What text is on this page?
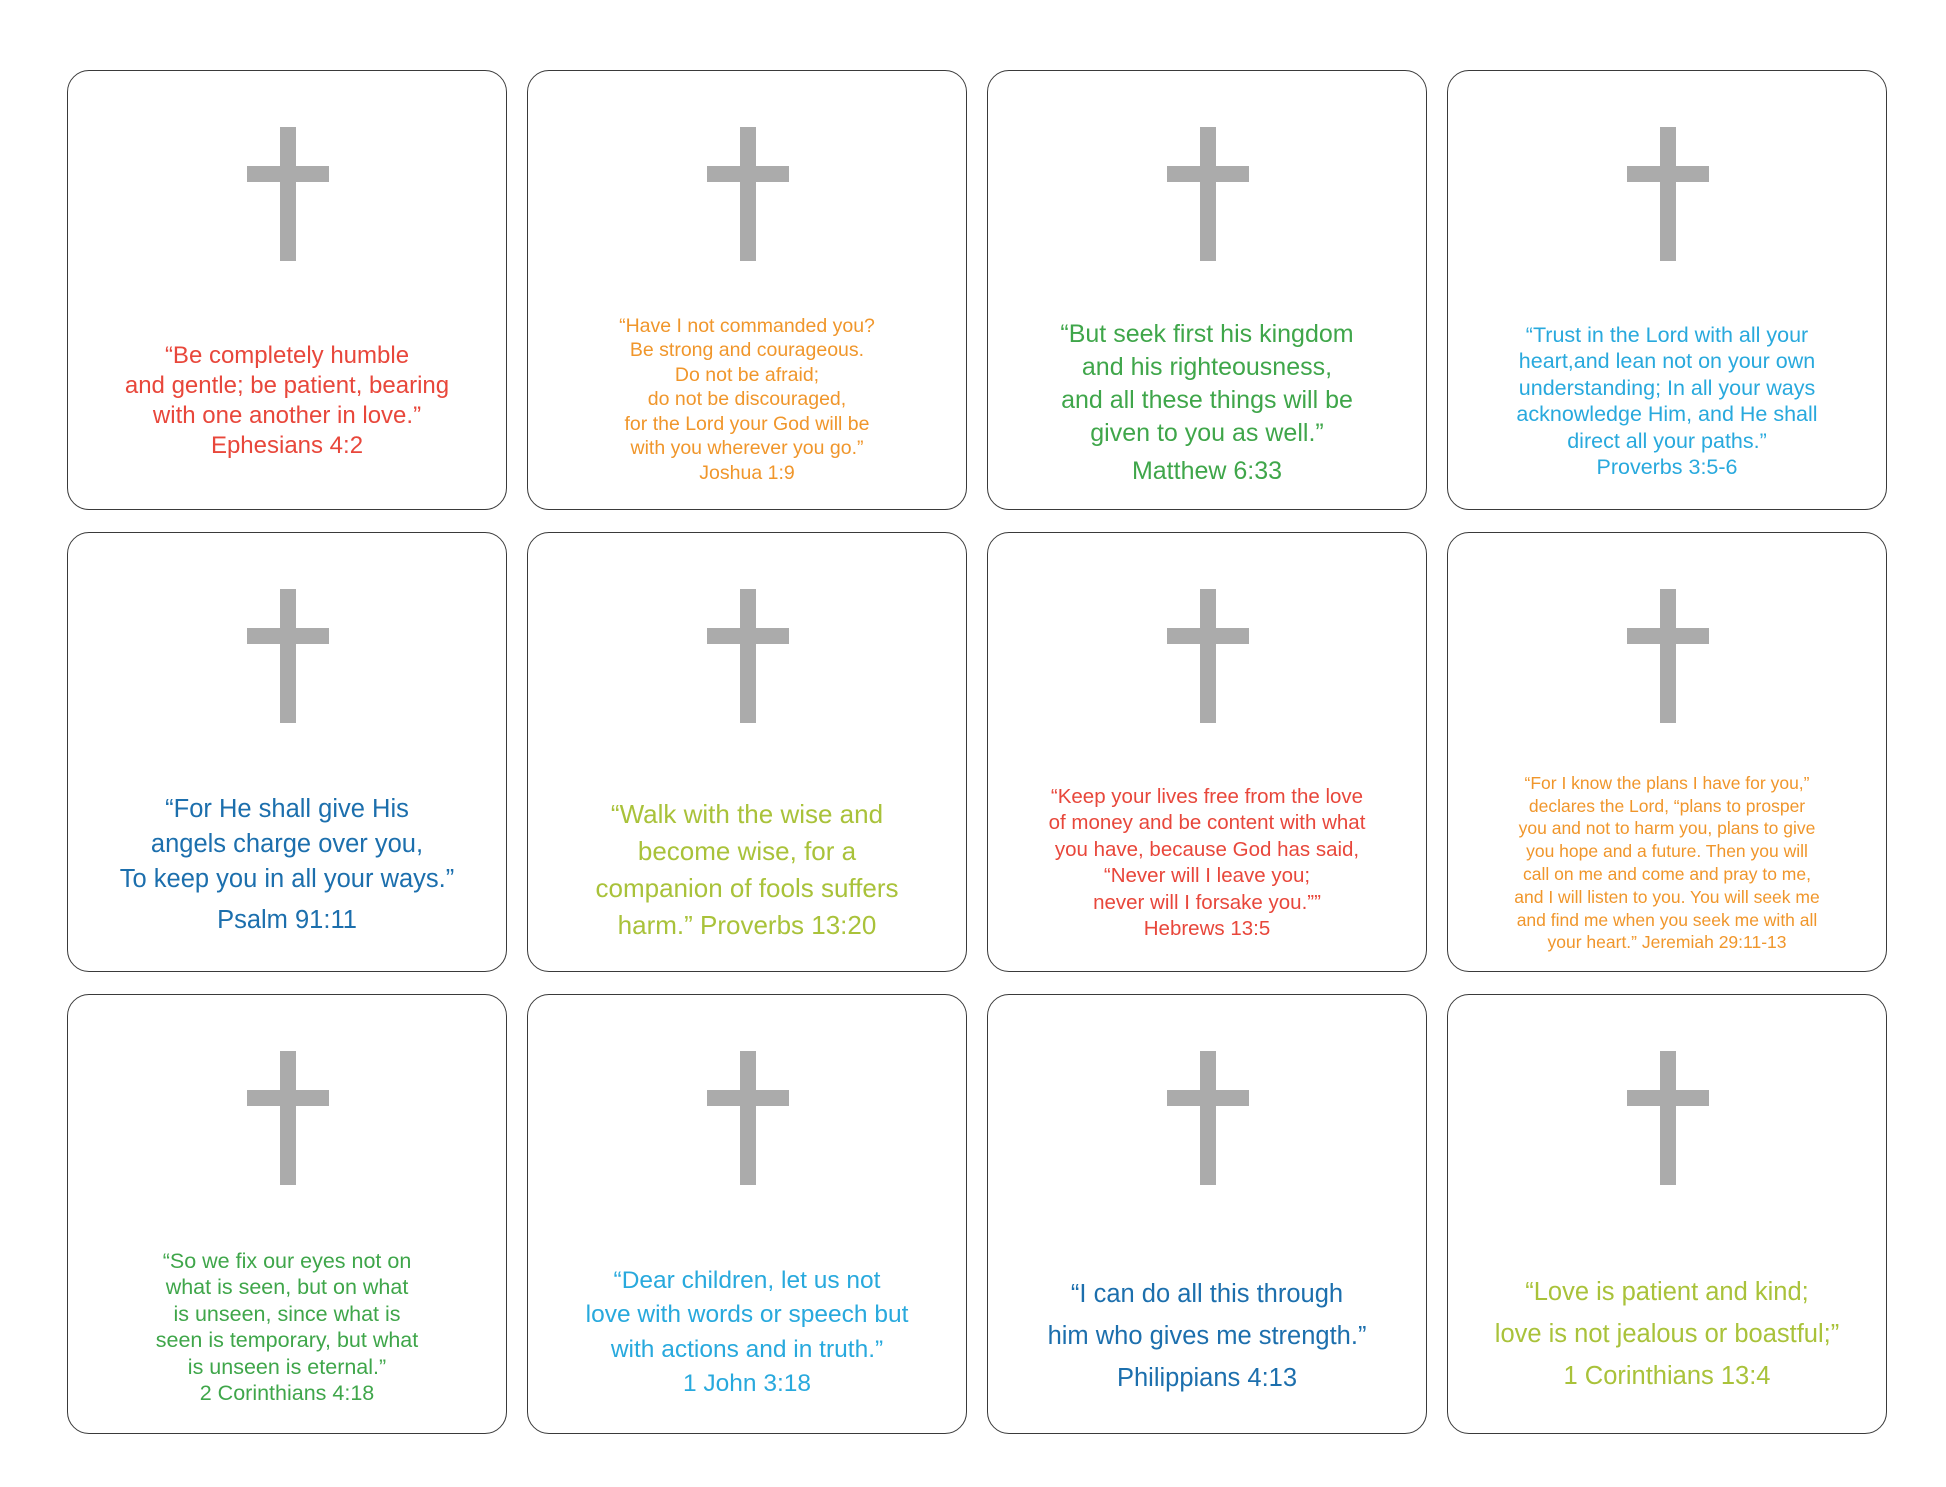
“Be completely humble
and gentle; be patient, bearing
with one another in love.”

Ephesians 4:2

“Have I not commanded you?
Be strong and courageous.
Do not be afraid;
do not be discouraged,
for the Lord your God will be
with you wherever you go.”

Joshua 1:9

“But seek first his kingdom
and his righteousness,
and all these things will be
given to you as well.”

Matthew 6:33

“Trust in the Lord with all your
heart,and lean not on your own
understanding; In all your ways
acknowledge Him, and He shall
direct all your paths.”

Proverbs 3:5-6

“For He shall give His
angels charge over you,
To keep you in all your ways.”

Psalm 91:11

“Walk with the wise and
become wise, for a
companion of fools suffers
harm.” Proverbs 13:20

“Keep your lives free from the love
of money and be content with what
you have, because God has said,
“Never will I leave you;
never will I forsake you.””

Hebrews 13:5

“For I know the plans I have for you,”
declares the Lord, “plans to prosper
you and not to harm you, plans to give
you hope and a future. Then you will
call on me and come and pray to me,
and I will listen to you. You will seek me
and find me when you seek me with all
your heart.” Jeremiah 29:11-13

“So we fix our eyes not on
what is seen, but on what
is unseen, since what is
seen is temporary, but what
is unseen is eternal.”

2 Corinthians 4:18

“Dear children, let us not
love with words or speech but
with actions and in truth.”

1 John 3:18

“I can do all this through
him who gives me strength.”

Philippians 4:13

“Love is patient and kind;
love is not jealous or boastful;”

1 Corinthians 13:4
